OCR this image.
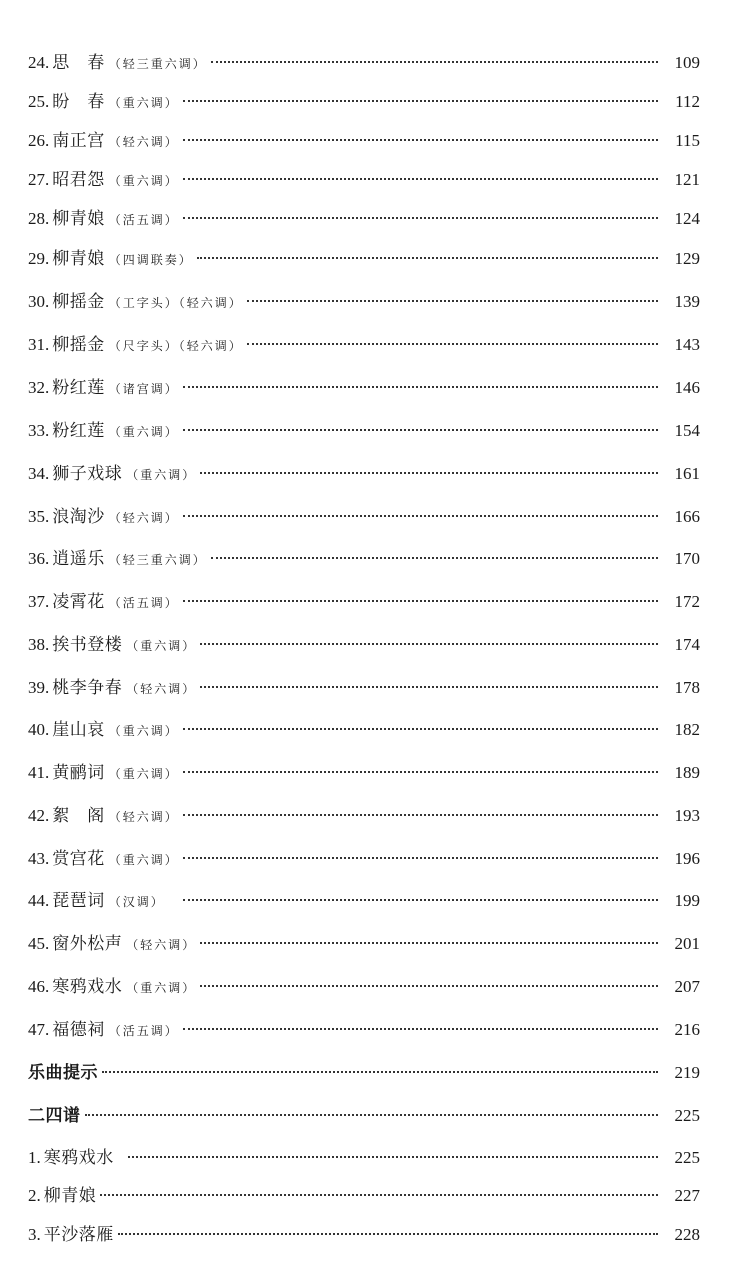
24. 思　春 （轻三重六调）	109
25. 盼　春 （重六调）	112
26. 南正宫 （轻六调）	115
27. 昭君怨 （重六调）	121
28. 柳青娘 （活五调）	124
29. 柳青娘 （四调联奏）	129
30. 柳摇金 （工字头）（轻六调）	139
31. 柳摇金 （尺字头）（轻六调）	143
32. 粉红莲 （诸宫调）	146
33. 粉红莲 （重六调）	154
34. 狮子戏球 （重六调）	161
35. 浪淘沙 （轻六调）	166
36. 逍遥乐 （轻三重六调）	170
37. 凌霄花 （活五调）	172
38. 挨书登楼 （重六调）	174
39. 桃李争春 （轻六调）	178
40. 崖山哀 （重六调）	182
41. 黄鹂词 （重六调）	189
42. 絮　阁 （轻六调）	193
43. 赏宫花 （重六调）	196
44. 琵琶词 （汉调）	199
45. 窗外松声 （轻六调）	201
46. 寒鸦戏水 （重六调）	207
47. 福德祠 （活五调）	216
乐曲提示	219
二四谱	225
1. 寒鸦戏水	225
2. 柳青娘	227
3. 平沙落雁	228
